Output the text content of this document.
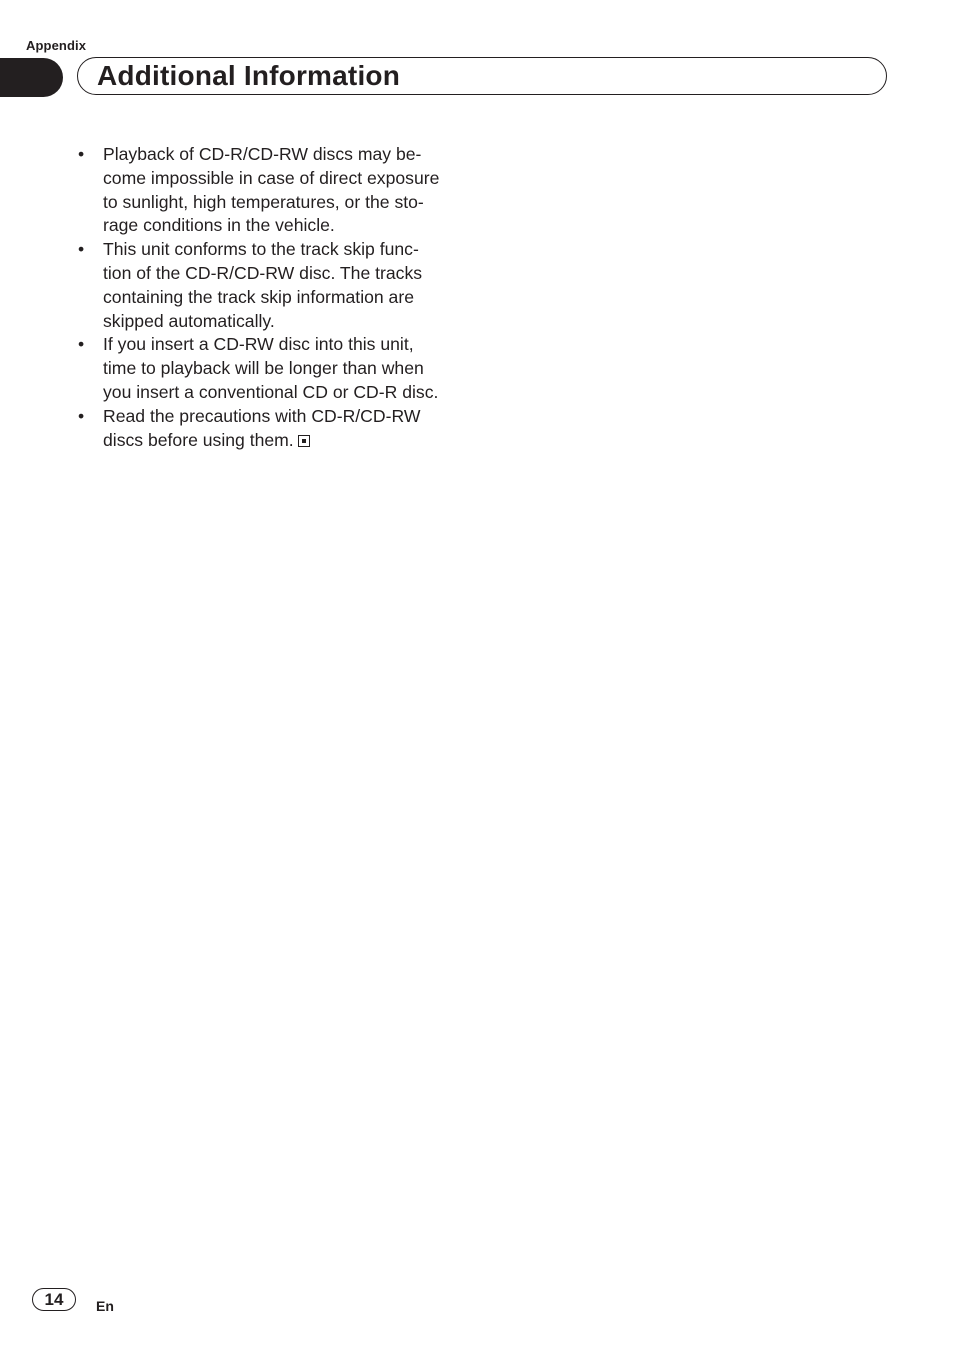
Appendix
Additional Information
• Playback of CD-R/CD-RW discs may be-
come impossible in case of direct exposure
to sunlight, high temperatures, or the sto-
rage conditions in the vehicle.
• This unit conforms to the track skip func-
tion of the CD-R/CD-RW disc. The tracks
containing the track skip information are
skipped automatically.
• If you insert a CD-RW disc into this unit,
time to playback will be longer than when
you insert a conventional CD or CD-R disc.
• Read the precautions with CD-R/CD-RW
discs before using them.
14	En
